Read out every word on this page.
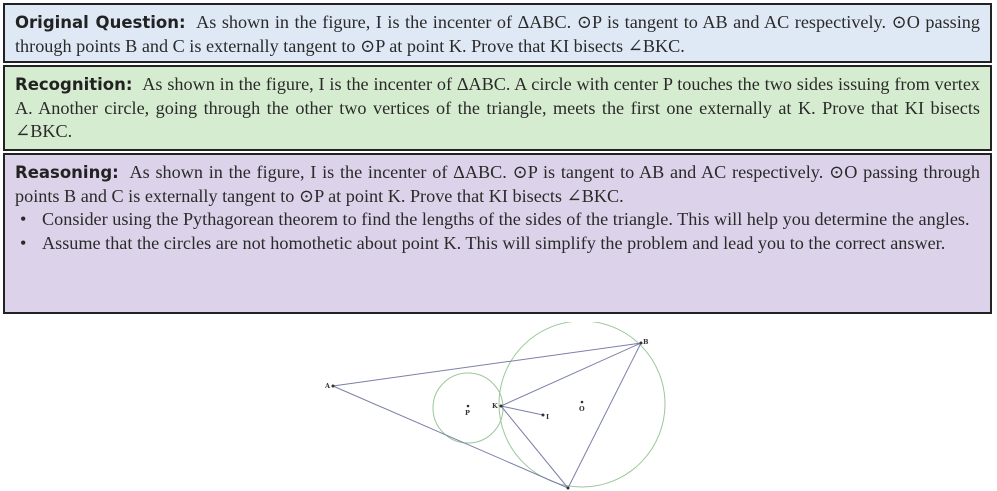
Original Question: As shown in the figure, I is the incenter of ΔABC. ⊙P is tangent to AB and AC respectively. ⊙O passing through points B and C is externally tangent to ⊙P at point K. Prove that KI bisects ∠BKC.
Recognition: As shown in the figure, I is the incenter of ΔABC. A circle with center P touches the two sides issuing from vertex A. Another circle, going through the other two vertices of the triangle, meets the first one externally at K. Prove that KI bisects ∠BKC.
Reasoning: As shown in the figure, I is the incenter of ΔABC. ⊙P is tangent to AB and AC respectively. ⊙O passing through points B and C is externally tangent to ⊙P at point K. Prove that KI bisects ∠BKC.
• Consider using the Pythagorean theorem to find the lengths of the sides of the triangle. This will help you determine the angles.
• Assume that the circles are not homothetic about point K. This will simplify the problem and lead you to the correct answer.
A
B
K
I
P	O
